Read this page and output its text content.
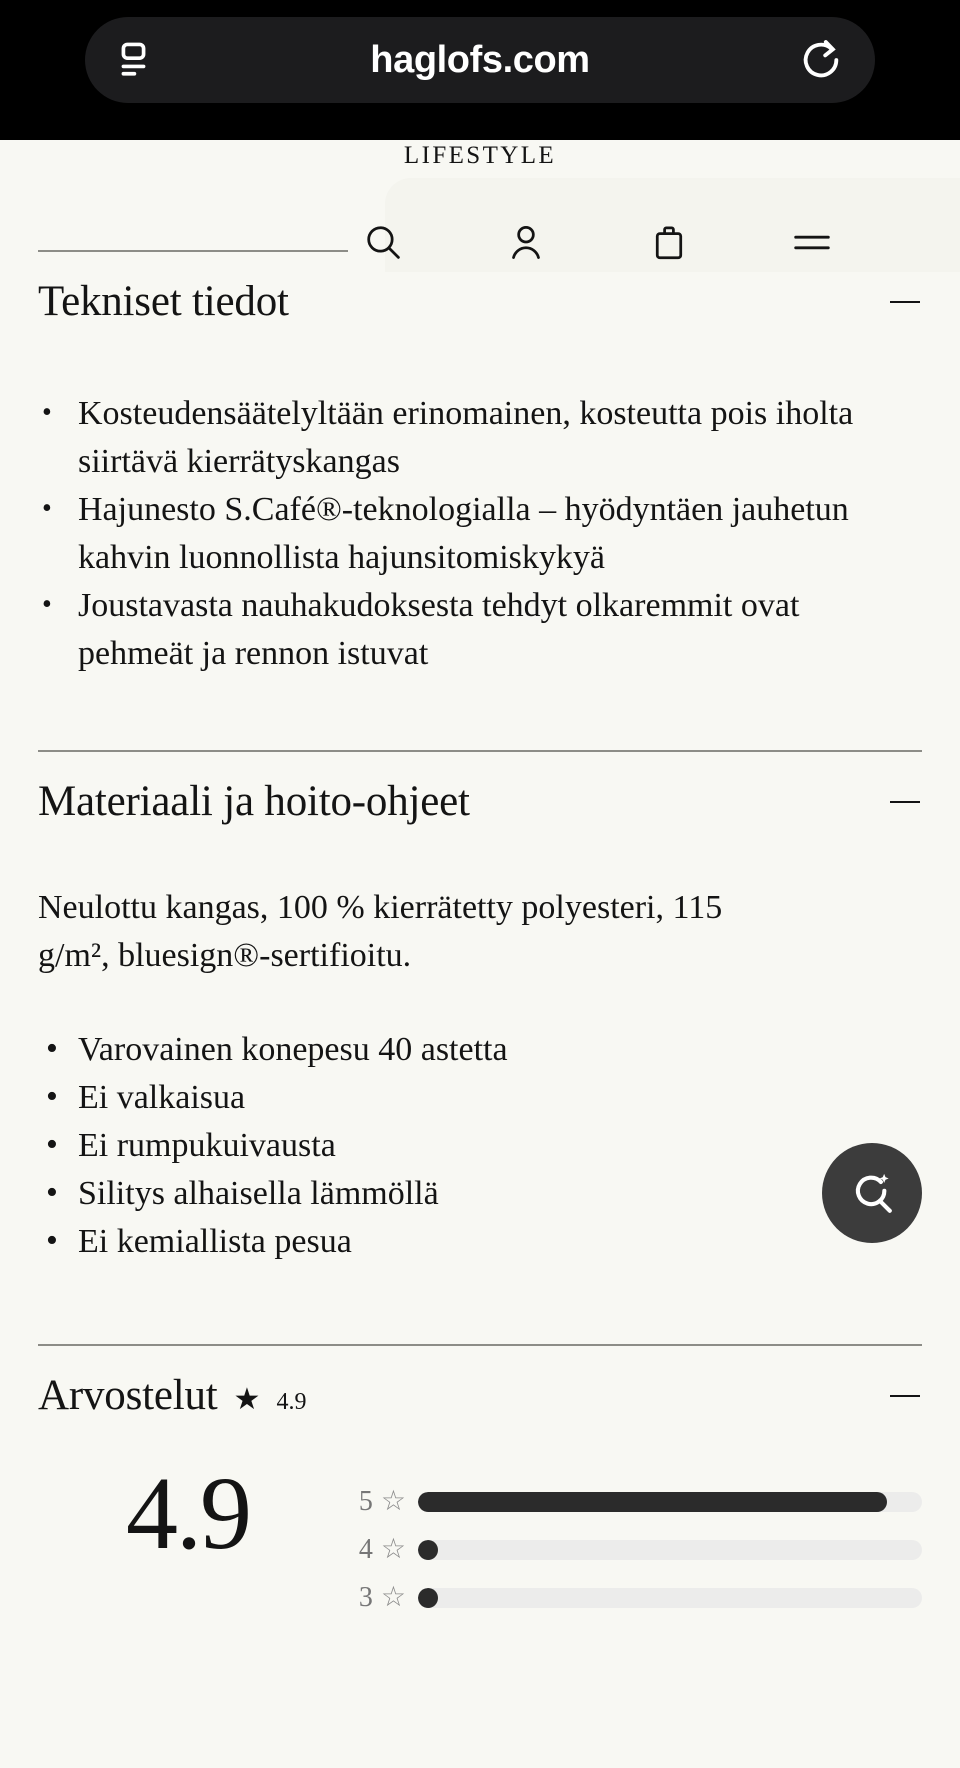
haglofs.com
LIFESTYLE
Tekniset tiedot
• Kosteudensäätelyltään erinomainen, kosteutta pois iholta siirtävä kierrätyskangas
• Hajunesto S.Café®-teknologialla – hyödyntäen jauhetun kahvin luonnollista hajunsitomiskykyä
• Joustavasta nauhakudoksesta tehdyt olkaremmit ovat pehmeät ja rennon istuvat
Materiaali ja hoito-ohjeet

Neulottu kangas, 100 % kierrätetty polyesteri, 115 g/m², bluesign®-sertifioitu.

• Varovainen konepesu 40 astetta
• Ei valkaisua
• Ei rumpukuivausta
• Silitys alhaisella lämmöllä
• Ei kemiallista pesua
Arvostelut ★ 4.9
4.9	5 ☆
4 ☆
3 ☆
